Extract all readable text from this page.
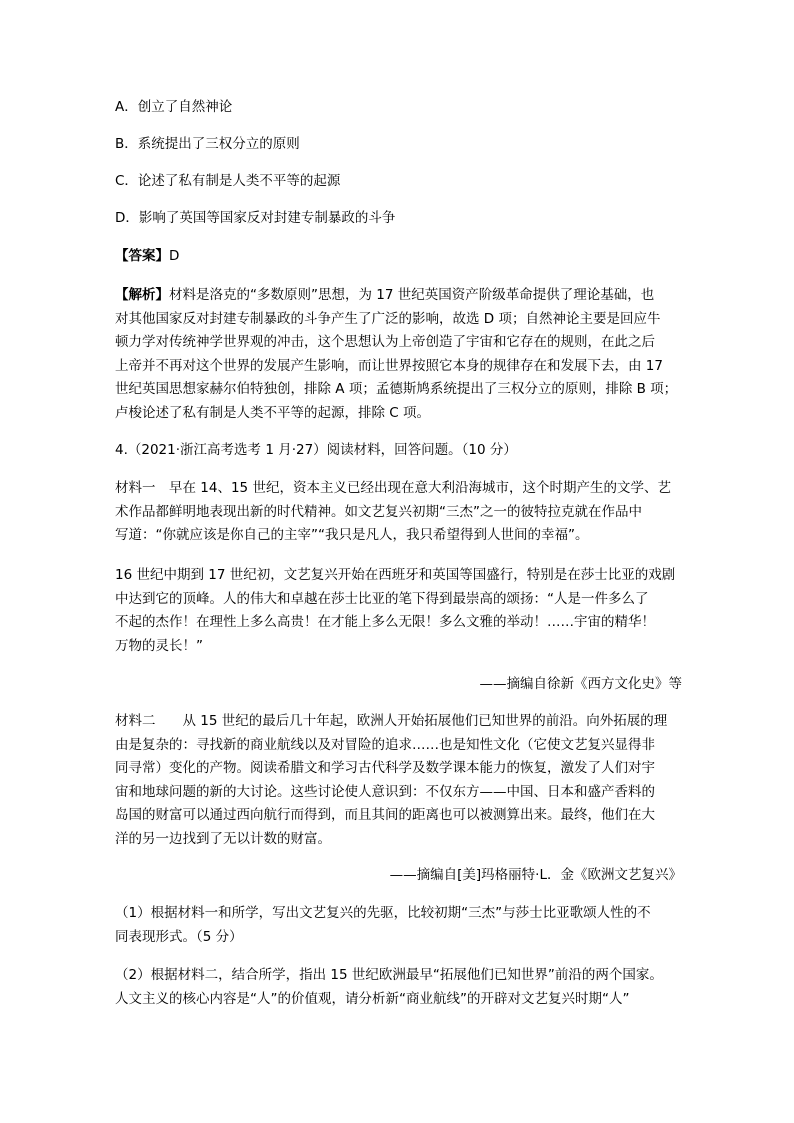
A．创立了自然神论

B．系统提出了三权分立的原则

C．论述了私有制是人类不平等的起源

D．影响了英国等国家反对封建专制暴政的斗争

【答案】D

【解析】材料是洛克的“多数原则”思想，为 17 世纪英国资产阶级革命提供了理论基础，也
对其他国家反对封建专制暴政的斗争产生了广泛的影响，故选 D 项；自然神论主要是回应牛
顿力学对传统神学世界观的冲击，这个思想认为上帝创造了宇宙和它存在的规则，在此之后
上帝并不再对这个世界的发展产生影响，而让世界按照它本身的规律存在和发展下去，由 17
世纪英国思想家赫尔伯特独创，排除 A 项；孟德斯鸠系统提出了三权分立的原则，排除 B 项；
卢梭论述了私有制是人类不平等的起源，排除 C 项。

4.（2021·浙江高考选考 1 月·27）阅读材料，回答问题。（10 分）

材料一　早在 14、15 世纪，资本主义已经出现在意大利沿海城市，这个时期产生的文学、艺
术作品都鲜明地表现出新的时代精神。如文艺复兴初期“三杰”之一的彼特拉克就在作品中
写道：“你就应该是你自己的主宰”“我只是凡人，我只希望得到人世间的幸福”。
16 世纪中期到 17 世纪初，文艺复兴开始在西班牙和英国等国盛行，特别是在莎士比亚的戏剧
中达到它的顶峰。人的伟大和卓越在莎士比亚的笔下得到最崇高的颂扬：“人是一件多么了
不起的杰作！在理性上多么高贵！在才能上多么无限！多么文雅的举动！……宇宙的精华！
万物的灵长！”

——摘编自徐新《西方文化史》等

材料二　　从 15 世纪的最后几十年起，欧洲人开始拓展他们已知世界的前沿。向外拓展的理
由是复杂的：寻找新的商业航线以及对冒险的追求……也是知性文化（它使文艺复兴显得非
同寻常）变化的产物。阅读希腊文和学习古代科学及数学课本能力的恢复，激发了人们对宇
宙和地球问题的新的大讨论。这些讨论使人意识到：不仅东方——中国、日本和盛产香料的
岛国的财富可以通过西向航行而得到，而且其间的距离也可以被测算出来。最终，他们在大
洋的另一边找到了无以计数的财富。

——摘编自[美]玛格丽特·L．金《欧洲文艺复兴》

（1）根据材料一和所学，写出文艺复兴的先驱，比较初期“三杰”与莎士比亚歌颂人性的不
同表现形式。（5 分）
（2）根据材料二，结合所学，指出 15 世纪欧洲最早“拓展他们已知世界”前沿的两个国家。
人文主义的核心内容是“人”的价值观，请分析新“商业航线”的开辟对文艺复兴时期“人”
